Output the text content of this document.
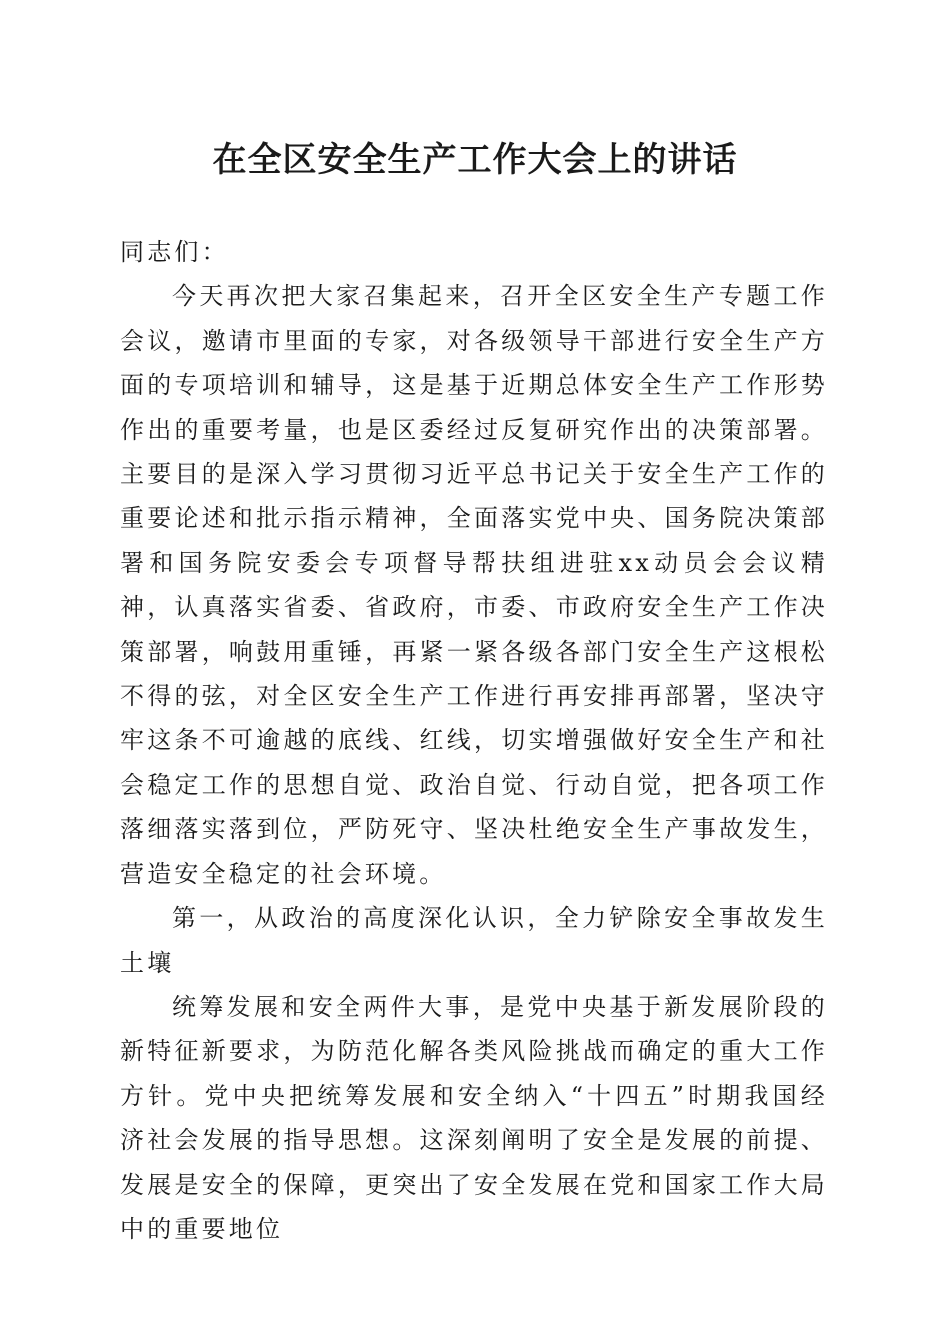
在全区安全生产工作大会上的讲话

同志们：

今天再次把大家召集起来，召开全区安全生产专题工作会议，邀请市里面的专家，对各级领导干部进行安全生产方面的专项培训和辅导，这是基于近期总体安全生产工作形势作出的重要考量，也是区委经过反复研究作出的决策部署。主要目的是深入学习贯彻习近平总书记关于安全生产工作的重要论述和批示指示精神，全面落实党中央、国务院决策部署和国务院安委会专项督导帮扶组进驻xx动员会会议精神，认真落实省委、省政府，市委、市政府安全生产工作决策部署，响鼓用重锤，再紧一紧各级各部门安全生产这根松不得的弦，对全区安全生产工作进行再安排再部署，坚决守牢这条不可逾越的底线、红线，切实增强做好安全生产和社会稳定工作的思想自觉、政治自觉、行动自觉，把各项工作落细落实落到位，严防死守、坚决杜绝安全生产事故发生，营造安全稳定的社会环境。

第一，从政治的高度深化认识，全力铲除安全事故发生土壤

统筹发展和安全两件大事，是党中央基于新发展阶段的新特征新要求，为防范化解各类风险挑战而确定的重大工作方针。党中央把统筹发展和安全纳入“十四五”时期我国经济社会发展的指导思想。这深刻阐明了安全是发展的前提、发展是安全的保障，更突出了安全发展在党和国家工作大局中的重要地位
